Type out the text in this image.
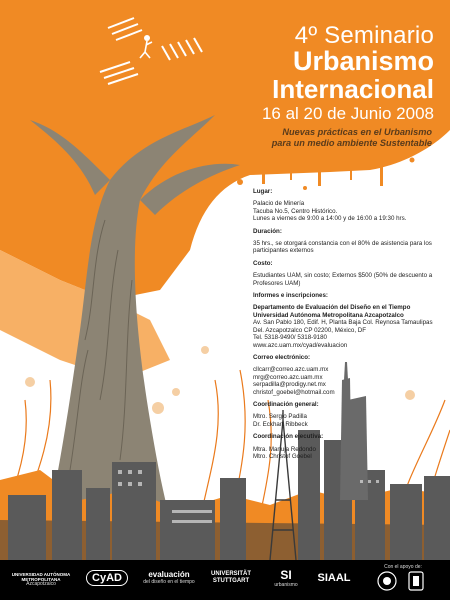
4º Seminario
Urbanismo
Internacional
16 al 20 de Junio 2008
Nuevas prácticas en el Urbanismo
para un medio ambiente Sustentable
Lugar:
Palacio de Minería
Tacuba No.5, Centro Histórico.
Lunes a viernes de 9:00 a 14:00 y de 16:00 a 19:30 hrs.
Duración:
35 hrs., se otorgará constancia con el 80% de asistencia para los participantes externos
Costo:
Estudiantes UAM, sin costo; Externos $500 (50% de descuento a Profesores UAM)
Informes e inscripciones:
Departamento de Evaluación del Diseño en el Tiempo
Universidad Autónoma Metropolitana Azcapotzalco
Av. San Pablo 180, Edif. H, Planta Baja Col. Reynosa Tamaulipas
Del. Azcapotzalco CP 02200, México, DF
Tel. 5318-9490/ 5318-9180
www.azc.uam.mx/cyad/evaluacion
Correo electrónico:
cllcarr@correo.azc.uam.mx
mrg@correo.azc.uam.mx
serpadilla@prodigy.net.mx
christof_goebel@hotmail.com
Coordinación general:
Mtro. Sergio Padilla
Dr. Eckhart Ribbeck
Coordinación ejecutiva:
Mtra. Manuja Redondo
Mtro. Christof Goebel
UNIVERSIDAD AUTÓNOMA METROPOLITANA
Azcapotzalco	CyAD	evaluación
del diseño en el tiempo
UNIVERSITÄT
STUTTGART	SI
urbanismo
SIAAL
Con el apoyo de:
